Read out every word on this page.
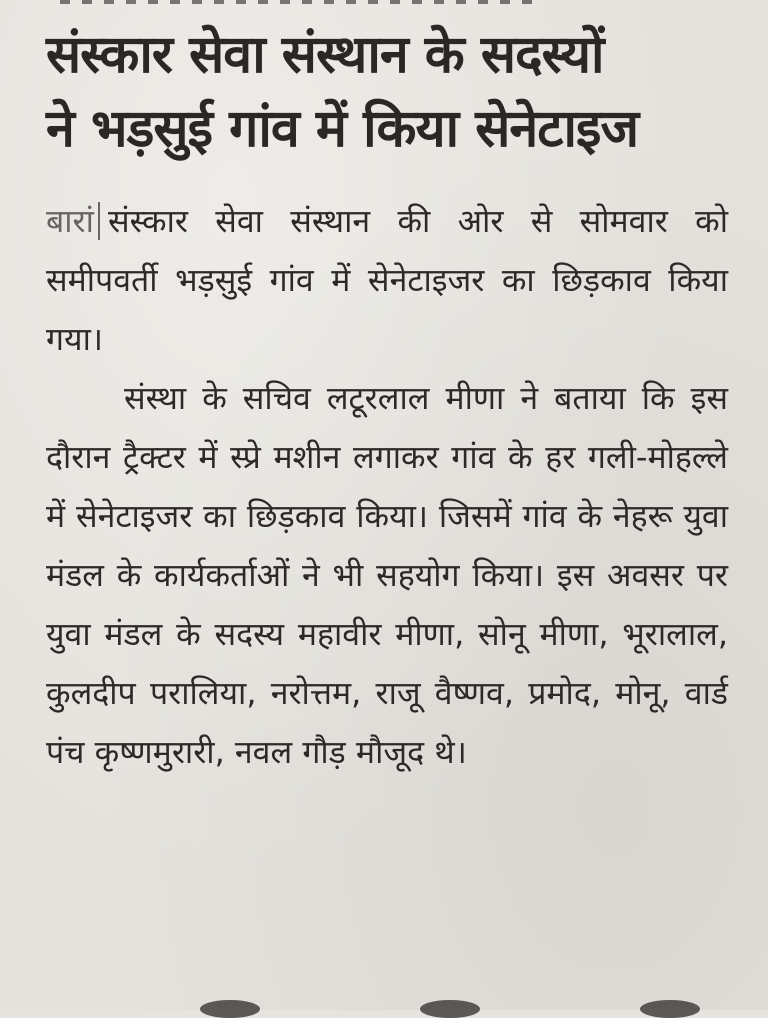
संस्कार सेवा संस्थान के सदस्यों
ने भड़सुई गांव में किया सेनेटाइज

बारां संस्कार सेवा संस्थान की ओर से सोमवार को समीपवर्ती भड़सुई गांव में सेनेटाइजर का छिड़काव किया गया।

संस्था के सचिव लटूरलाल मीणा ने बताया कि इस दौरान ट्रैक्टर में स्प्रे मशीन लगाकर गांव के हर गली-मोहल्ले में सेनेटाइजर का छिड़काव किया। जिसमें गांव के नेहरू युवा मंडल के कार्यकर्ताओं ने भी सहयोग किया। इस अवसर पर युवा मंडल के सदस्य महावीर मीणा, सोनू मीणा, भूरालाल, कुलदीप परालिया, नरोत्तम, राजू वैष्णव, प्रमोद, मोनू, वार्ड पंच कृष्णमुरारी, नवल गौड़ मौजूद थे।
